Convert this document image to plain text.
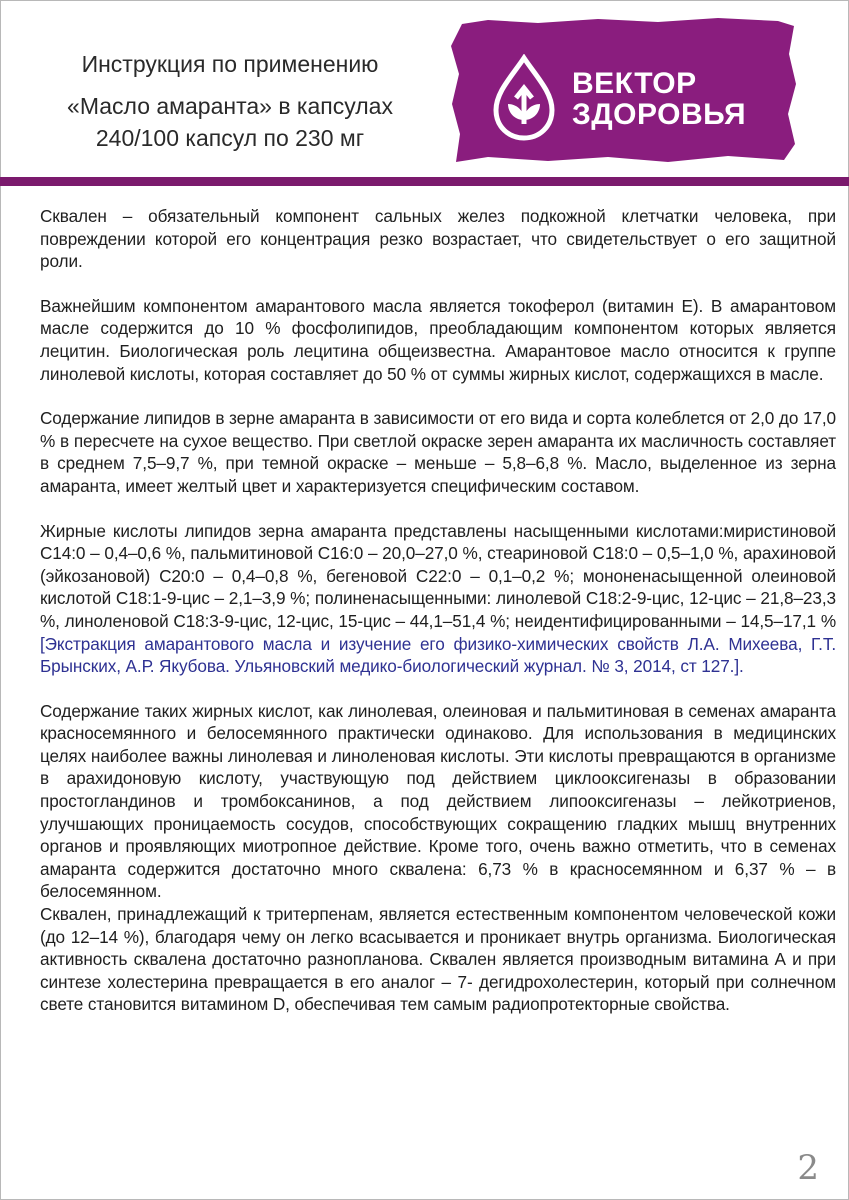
Инструкция по применению
«Масло амаранта» в капсулах
240/100 капсул по 230 мг
ВЕКТОР
ЗДОРОВЬЯ

Сквален – обязательный компонент сальных желез подкожной клетчатки человека, при повреждении которой его концентрация резко возрастает, что свидетельствует о его защитной роли.

Важнейшим компонентом амарантового масла является токоферол (витамин Е). В амарантовом масле содержится до 10 % фосфолипидов, преобладающим компонентом которых является лецитин. Биологическая роль лецитина общеизвестна. Амарантовое масло относится к группе линолевой кислоты, которая составляет до 50 % от суммы жирных кислот, содержащихся в масле.

Содержание липидов в зерне амаранта в зависимости от его вида и сорта колеблется от 2,0 до 17,0 % в пересчете на сухое вещество. При светлой окраске зерен амаранта их масличность составляет в среднем 7,5–9,7 %, при темной окраске – меньше – 5,8–6,8 %. Масло, выделенное из зерна амаранта, имеет желтый цвет и характеризуется специфическим составом.

Жирные кислоты липидов зерна амаранта представлены насыщенными кислотами:миристиновой С14:0 – 0,4–0,6 %, пальмитиновой С16:0 – 20,0–27,0 %, стеариновой С18:0 – 0,5–1,0 %, арахиновой (эйкозановой) С20:0 – 0,4–0,8 %, бегеновой С22:0 – 0,1–0,2 %; мононенасыщенной олеиновой кислотой С18:1-9-цис – 2,1–3,9 %; полиненасыщенными: линолевой С18:2-9-цис, 12-цис – 21,8–23,3 %, линоленовой С18:3-9-цис, 12-цис, 15-цис – 44,1–51,4 %; неидентифицированными – 14,5–17,1 % [Экстракция амарантового масла и изучение его физико-химических свойств Л.А. Михеева, Г.Т. Брынских, А.Р. Якубова. Ульяновский медико-биологический журнал. № 3, 2014, ст 127.].

Содержание таких жирных кислот, как линолевая, олеиновая и пальмитиновая в семенах амаранта красносемянного и белосемянного практически одинаково. Для использования в медицинских целях наиболее важны линолевая и линоленовая кислоты. Эти кислоты превращаются в организме в арахидоновую кислоту, участвующую под действием циклооксигеназы в образовании простогландинов и тромбоксанинов, а под действием липооксигеназы – лейкотриенов, улучшающих проницаемость сосудов, способствующих сокращению гладких мышц внутренних органов и проявляющих миотропное действие. Кроме того, очень важно отметить, что в семенах амаранта содержится достаточно много сквалена: 6,73 % в красносемянном и 6,37 % – в белосемянном.

Сквален, принадлежащий к тритерпенам, является естественным компонентом человеческой кожи (до 12–14 %), благодаря чему он легко всасывается и проникает внутрь организма. Биологическая активность сквалена достаточно разнопланова. Сквален является производным витамина А и при синтезе холестерина превращается в его аналог – 7- дегидрохолестерин, который при солнечном свете становится витамином D, обеспечивая тем самым радиопротекторные свойства.

2
